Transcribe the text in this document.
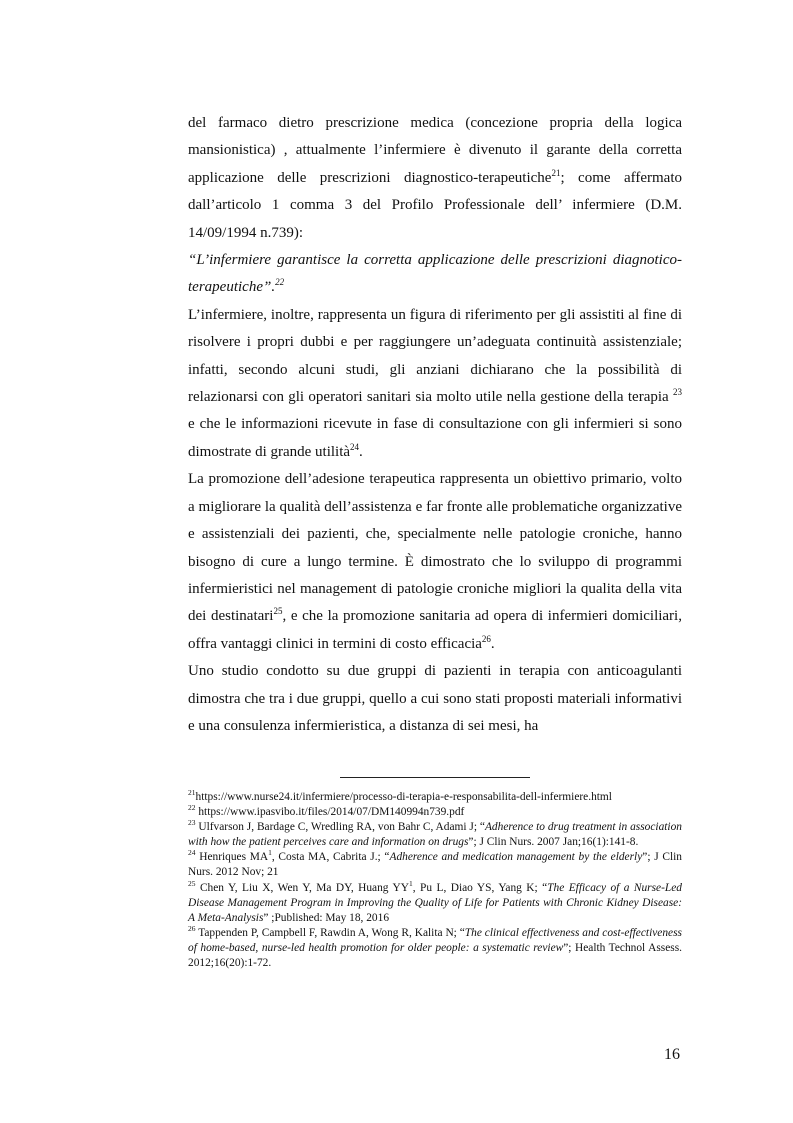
del farmaco dietro prescrizione medica (concezione propria della logica mansionistica) , attualmente l’infermiere è divenuto il garante della corretta applicazione delle prescrizioni diagnostico-terapeutiche$^{21}$; come affermato dall’articolo 1 comma 3 del Profilo Professionale dell’ infermiere (D.M. 14/09/1994 n.739):

“L’infermiere garantisce la corretta applicazione delle prescrizioni diagnotico-terapeutiche”.$^{22}$

L’infermiere, inoltre, rappresenta un figura di riferimento per gli assistiti al fine di risolvere i propri dubbi e per raggiungere un’adeguata continuità assistenziale; infatti, secondo alcuni studi, gli anziani dichiarano che la possibilità di relazionarsi con gli operatori sanitari sia molto utile nella gestione della terapia $^{23}$ e che le informazioni ricevute in fase di consultazione con gli infermieri si sono dimostrate di grande utilità$^{24}$.

La promozione dell’adesione terapeutica rappresenta un obiettivo primario, volto a migliorare la qualità dell’assistenza e far fronte alle problematiche organizzative e assistenziali dei pazienti, che, specialmente nelle patologie croniche, hanno bisogno di cure a lungo termine. È dimostrato che lo sviluppo di programmi infermieristici nel management di patologie croniche migliori la qualita della vita dei destinatari$^{25}$, e che la promozione sanitaria ad opera di infermieri domiciliari, offra vantaggi clinici in termini di costo efficacia$^{26}$.

Uno studio condotto su due gruppi di pazienti in terapia con anticoagulanti dimostra che tra i due gruppi, quello a cui sono stati proposti materiali informativi e una consulenza infermieristica, a distanza di sei mesi, ha

$^{21}$https://www.nurse24.it/infermiere/processo-di-terapia-e-responsabilita-dell-infermiere.html

$^{22}$ https://www.ipasvibo.it/files/2014/07/DM140994n739.pdf

$^{23}$ Ulfvarson J, Bardage C, Wredling RA, von Bahr C, Adami J; “Adherence to drug treatment in association with how the patient perceives care and information on drugs”; J Clin Nurs. 2007 Jan;16(1):141-8.

$^{24}$ Henriques $MA^1$, Costa MA, Cabrita J.; “Adherence and medication management by the elderly”; J Clin Nurs. 2012 Nov; 21

$^{25}$ Chen Y, Liu X, Wen Y, Ma DY, Huang $YY^1$, Pu L, Diao YS, Yang K; “The Efficacy of a Nurse-Led Disease Management Program in Improving the Quality of Life for Patients with Chronic Kidney Disease: A Meta-Analysis” ;Published: May 18, 2016

$^{26}$ Tappenden P, Campbell F, Rawdin A, Wong R, Kalita N; “The clinical effectiveness and cost-effectiveness of home-based, nurse-led health promotion for older people: a systematic review”; Health Technol Assess. 2012;16(20):1-72.

16
